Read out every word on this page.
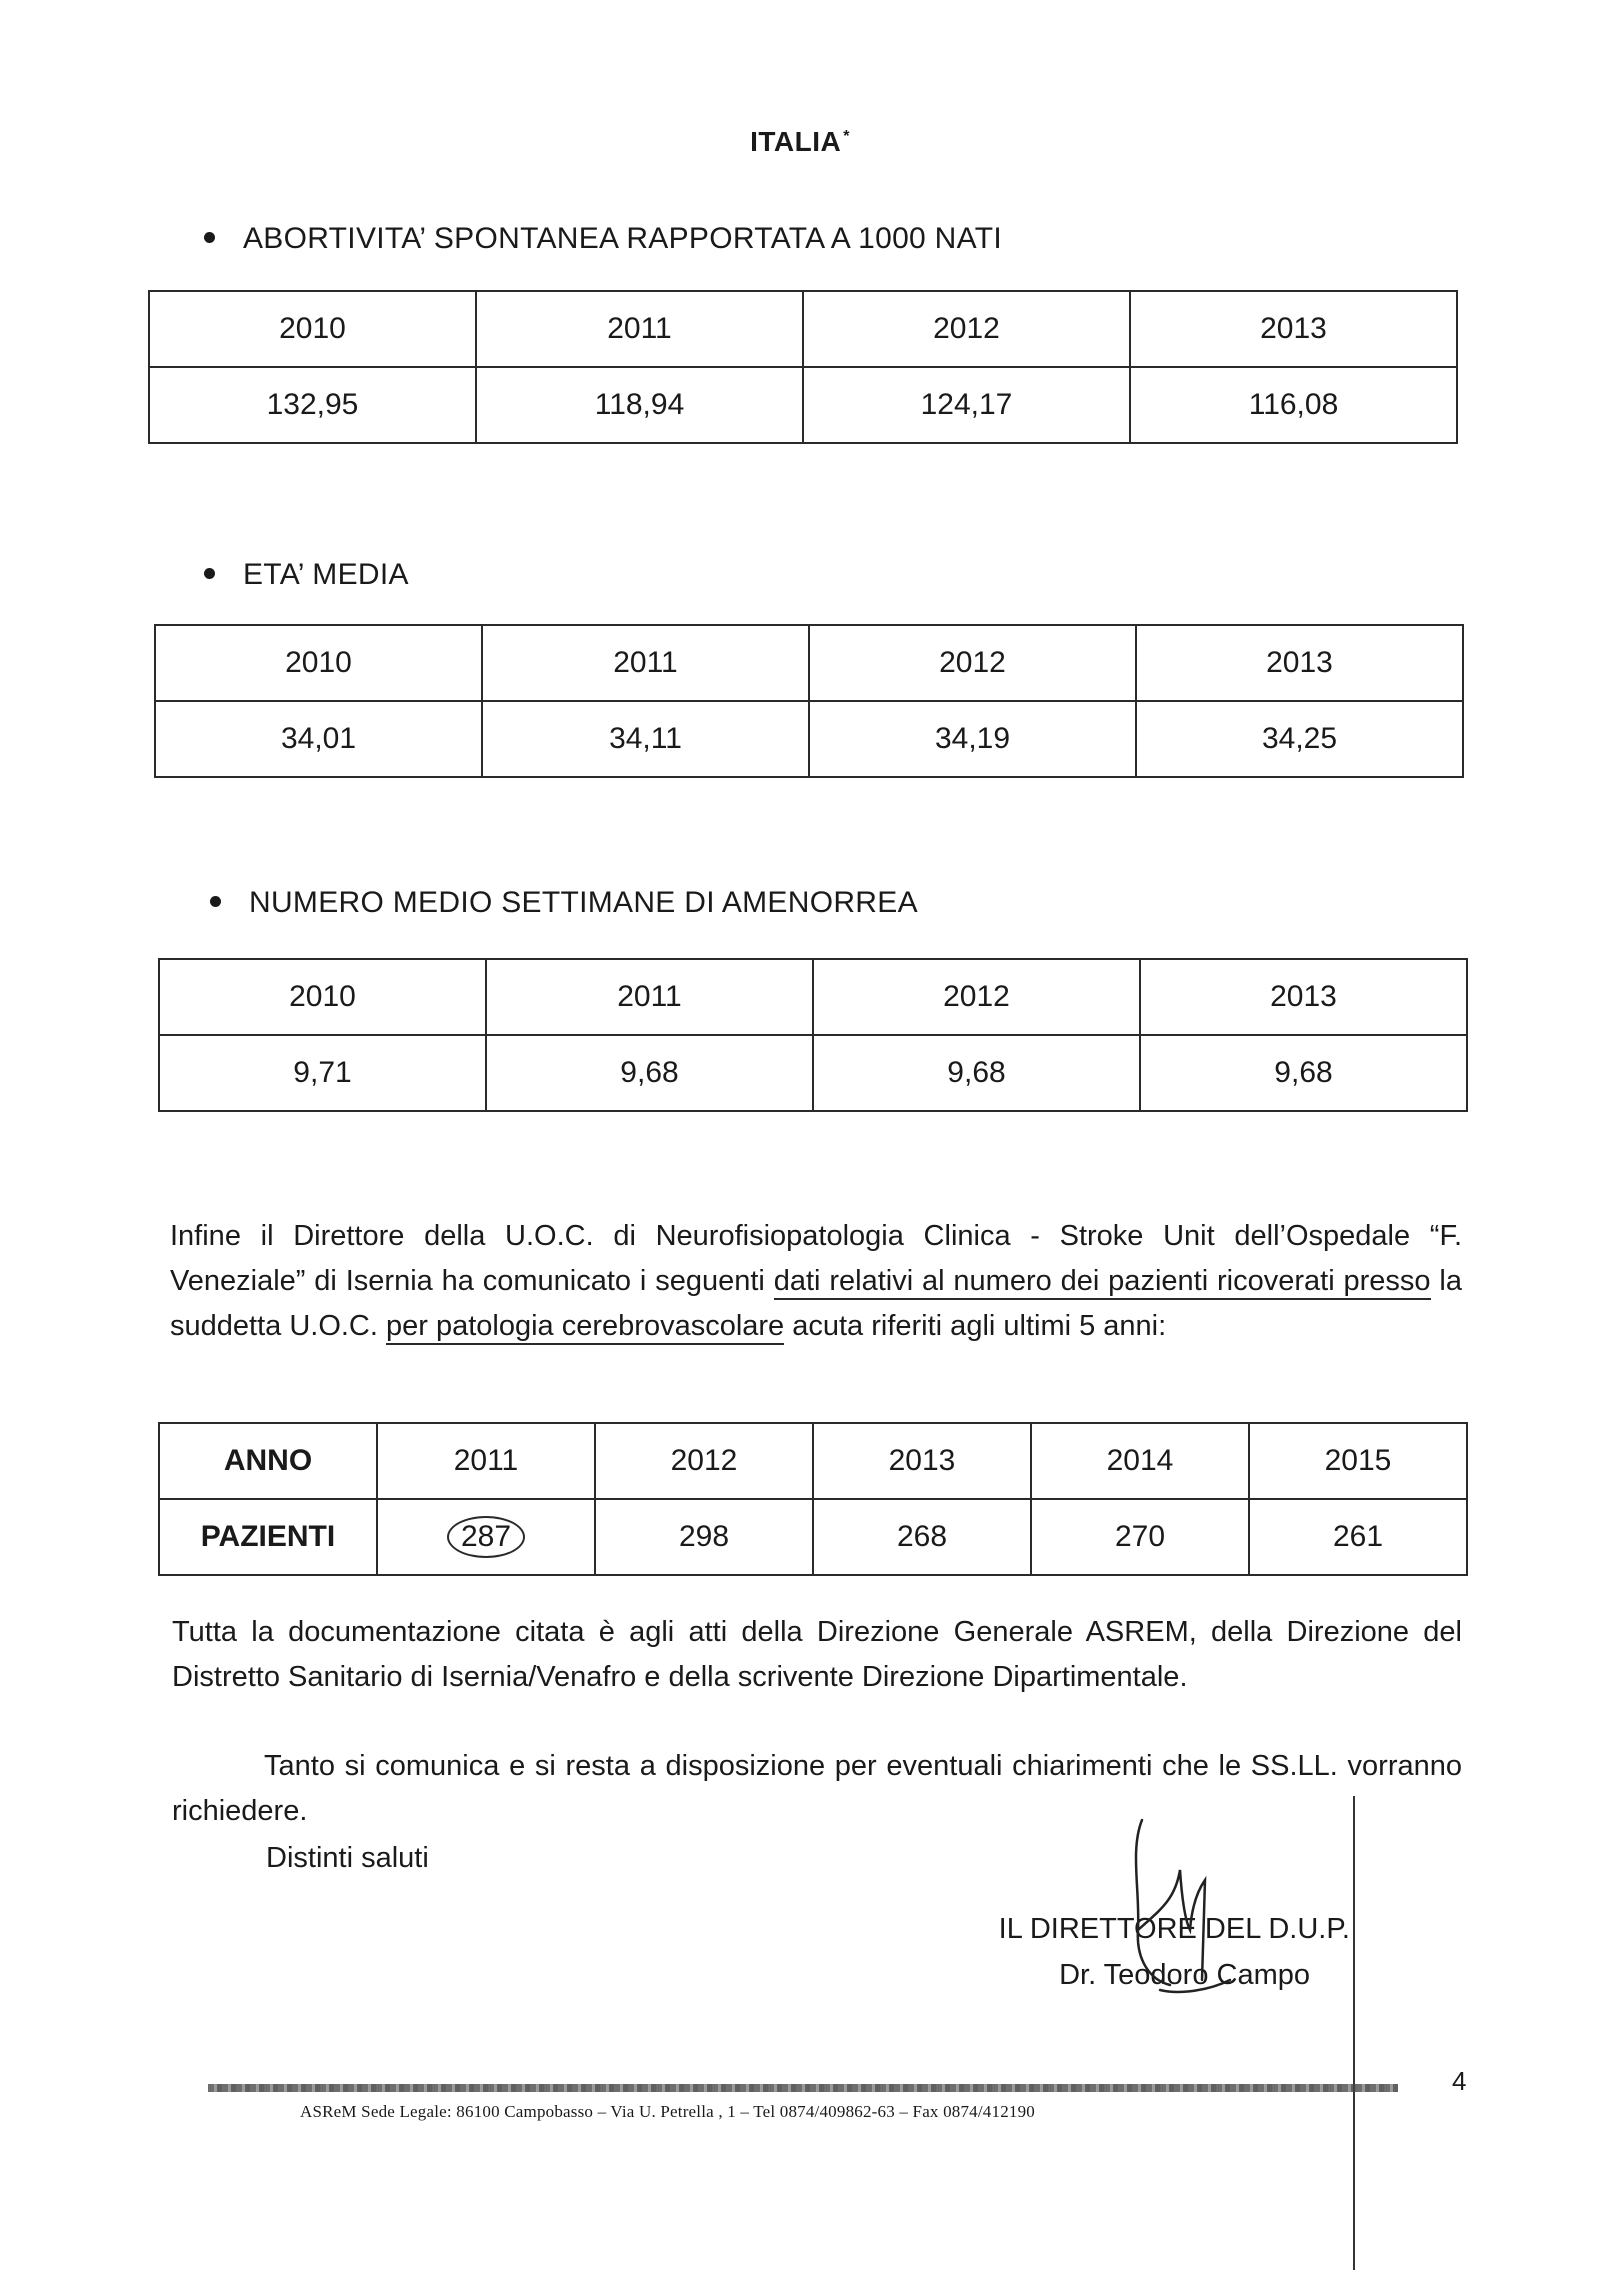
ITALIA *
ABORTIVITA’ SPONTANEA RAPPORTATA A 1000 NATI
2010	2011	2012	2013
132,95	118,94	124,17	116,08
ETA’ MEDIA
2010	2011	2012	2013
34,01	34,11	34,19	34,25
NUMERO MEDIO SETTIMANE DI AMENORREA
2010	2011	2012	2013
9,71	9,68	9,68	9,68
Infine il Direttore della U.O.C. di Neurofisiopatologia Clinica - Stroke Unit dell’Ospedale “F. Veneziale” di Isernia ha comunicato i seguenti dati relativi al numero dei pazienti ricoverati presso la suddetta U.O.C. per patologia cerebrovascolare acuta riferiti agli ultimi 5 anni:
ANNO	2011	2012	2013	2014	2015
PAZIENTI	287	298	268	270	261
Tutta la documentazione citata è agli atti della Direzione Generale ASREM, della Direzione del Distretto Sanitario di Isernia/Venafro e della scrivente Direzione Dipartimentale.
Tanto si comunica e si resta a disposizione per eventuali chiarimenti che le SS.LL. vorranno richiedere.
Distinti saluti
IL DIRETTORE DEL D.U.P.
Dr. Teodoro Campo
4
ASReM Sede Legale: 86100 Campobasso – Via U. Petrella , 1 – Tel 0874/409862-63 – Fax 0874/412190
